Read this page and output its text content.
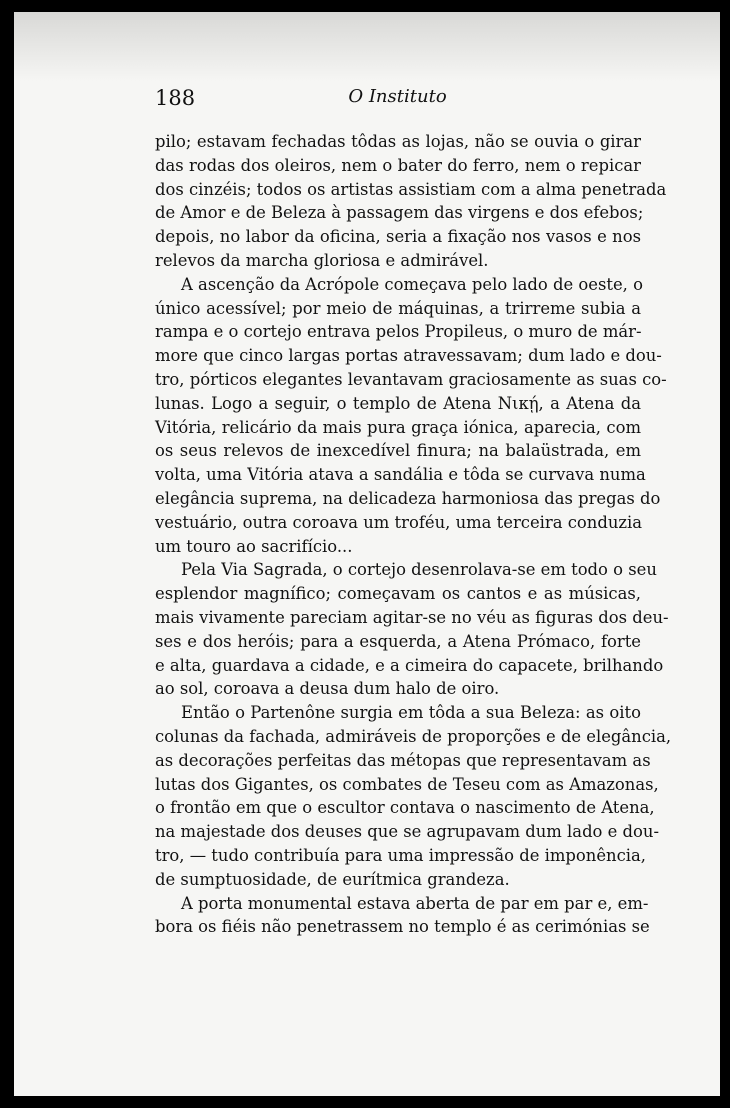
188	O Instituto
pilo; estavam fechadas tôdas as lojas, não se ouvia o girar
das rodas dos oleiros, nem o bater do ferro, nem o repicar
dos cinzéis; todos os artistas assistiam com a alma penetrada
de Amor e de Beleza à passagem das virgens e dos efebos;
depois, no labor da oficina, seria a fixação nos vasos e nos
relevos da marcha gloriosa e admirável.
A ascenção da Acrópole começava pelo lado de oeste, o
único acessível; por meio de máquinas, a trirreme subia a
rampa e o cortejo entrava pelos Propileus, o muro de már-
more que cinco largas portas atravessavam; dum lado e dou-
tro, pórticos elegantes levantavam graciosamente as suas co-
lunas. Logo a seguir, o templo de Atena Νικῄ, a Atena da
Vitória, relicário da mais pura graça iónica, aparecia, com
os seus relevos de inexcedível finura; na balaüstrada, em
volta, uma Vitória atava a sandália e tôda se curvava numa
elegância suprema, na delicadeza harmoniosa das pregas do
vestuário, outra coroava um troféu, uma terceira conduzia
um touro ao sacrifício...
Pela Via Sagrada, o cortejo desenrolava-se em todo o seu
esplendor magnífico; começavam os cantos e as músicas,
mais vivamente pareciam agitar-se no véu as figuras dos deu-
ses e dos heróis; para a esquerda, a Atena Prómaco, forte
e alta, guardava a cidade, e a cimeira do capacete, brilhando
ao sol, coroava a deusa dum halo de oiro.
Então o Partenône surgia em tôda a sua Beleza: as oito
colunas da fachada, admiráveis de proporções e de elegância,
as decorações perfeitas das métopas que representavam as
lutas dos Gigantes, os combates de Teseu com as Amazonas,
o frontão em que o escultor contava o nascimento de Atena,
na majestade dos deuses que se agrupavam dum lado e dou-
tro, — tudo contribuía para uma impressão de imponência,
de sumptuosidade, de eurítmica grandeza.
A porta monumental estava aberta de par em par e, em-
bora os fiéis não penetrassem no templo é as cerimónias se
